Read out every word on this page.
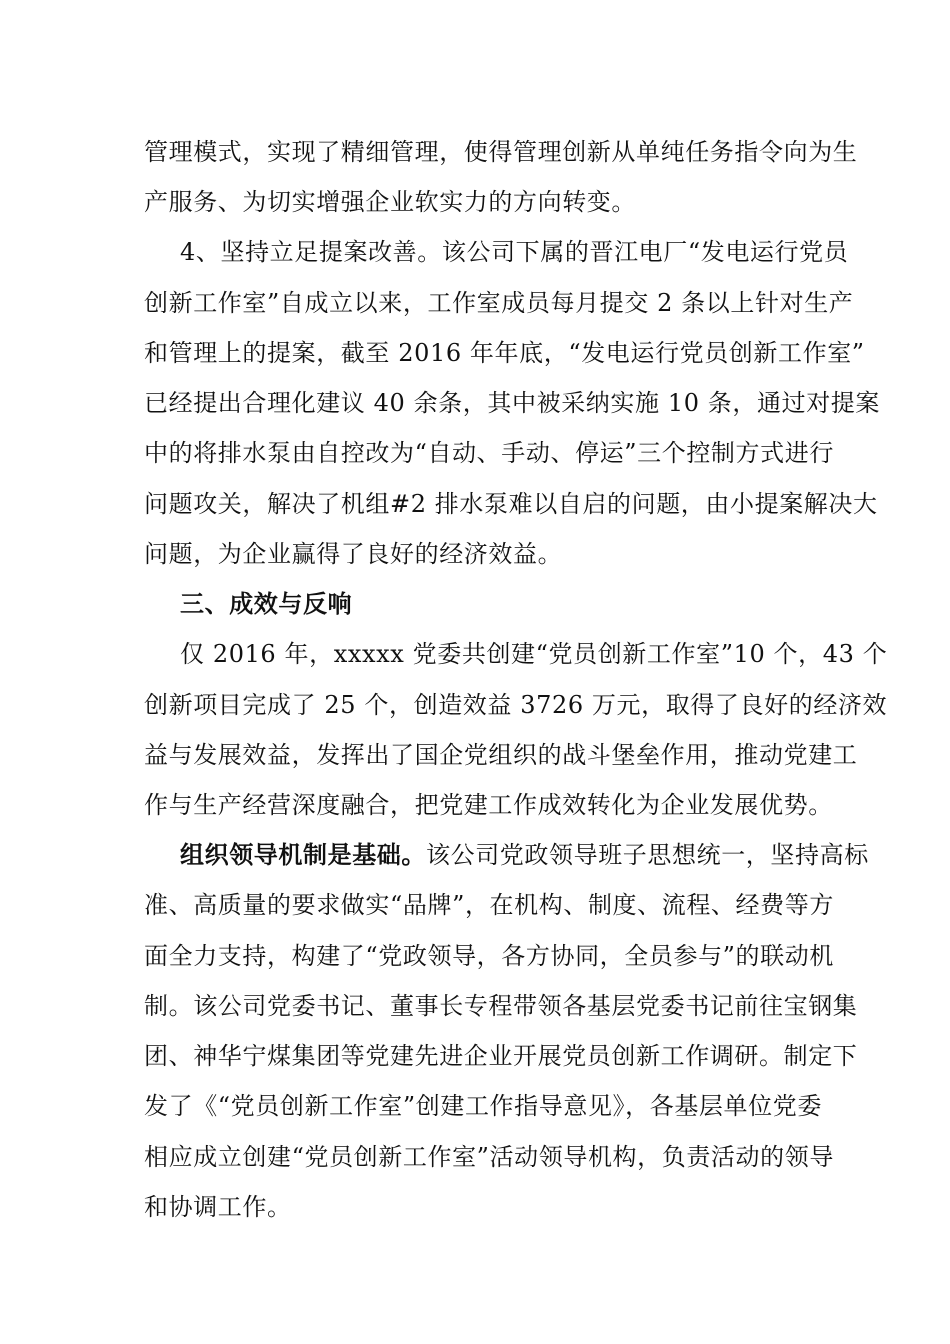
管理模式，实现了精细管理，使得管理创新从单纯任务指令向为生
产服务、为切实增强企业软实力的方向转变。
4、坚持立足提案改善。该公司下属的晋江电厂“发电运行党员
创新工作室”自成立以来，工作室成员每月提交 2 条以上针对生产
和管理上的提案，截至 2016 年年底，“发电运行党员创新工作室”
已经提出合理化建议 40 余条，其中被采纳实施 10 条，通过对提案
中的将排水泵由自控改为“自动、手动、停运”三个控制方式进行
问题攻关，解决了机组#2 排水泵难以自启的问题，由小提案解决大
问题，为企业赢得了良好的经济效益。
三、成效与反响
仅 2016 年，xxxxx 党委共创建“党员创新工作室”10 个，43 个
创新项目完成了 25 个，创造效益 3726 万元，取得了良好的经济效
益与发展效益，发挥出了国企党组织的战斗堡垒作用，推动党建工
作与生产经营深度融合，把党建工作成效转化为企业发展优势。
组织领导机制是基础。该公司党政领导班子思想统一，坚持高标
准、高质量的要求做实“品牌”，在机构、制度、流程、经费等方
面全力支持，构建了“党政领导，各方协同，全员参与”的联动机
制。该公司党委书记、董事长专程带领各基层党委书记前往宝钢集
团、神华宁煤集团等党建先进企业开展党员创新工作调研。制定下
发了《“党员创新工作室”创建工作指导意见》，各基层单位党委
相应成立创建“党员创新工作室”活动领导机构，负责活动的领导
和协调工作。
